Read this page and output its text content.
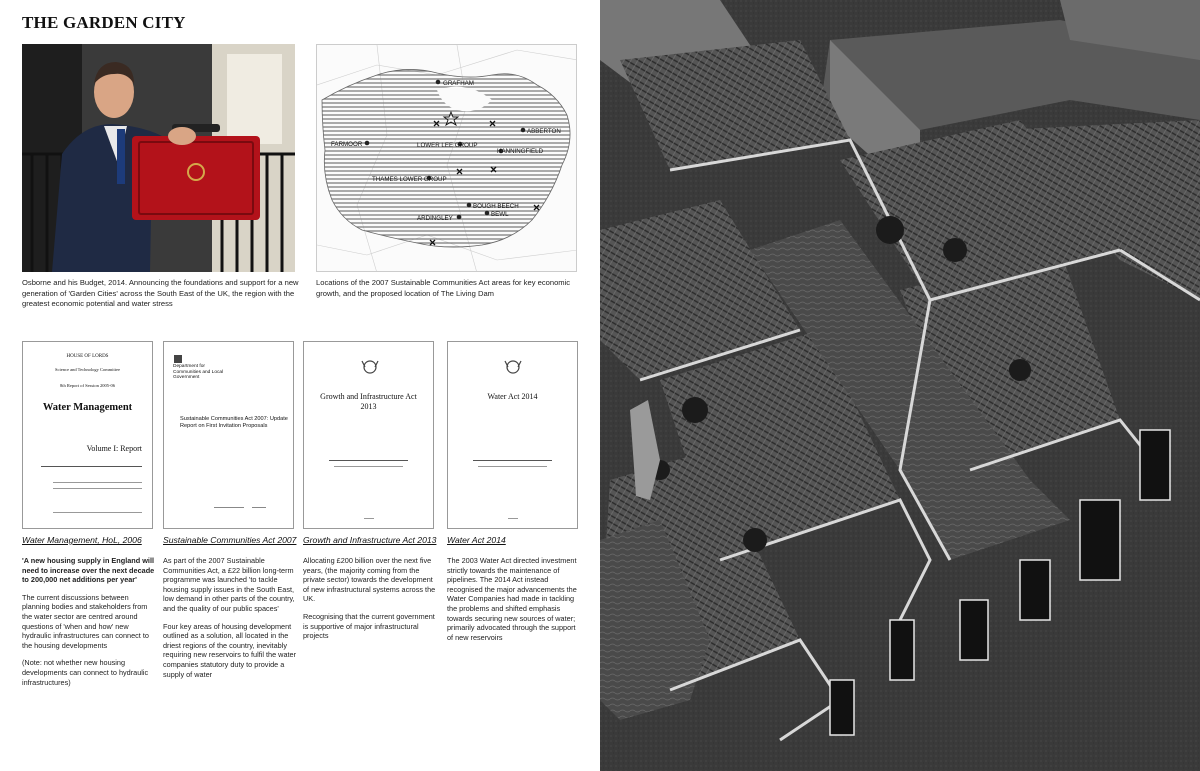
THE GARDEN CITY
Osborne and his Budget, 2014. Announcing the foundations and support for a new generation of 'Garden Cities' across the South East of the UK, the region with the greatest economic potential and water stress
GRAFHAM
ABBERTON
FARMOOR	LOWER LEE GROUP
HANNINGFIELD
THAMES LOWER GROUP
BOUGH BEECH
BEWL
ARDINGLEY
Locations of the 2007 Sustainable Communities Act areas for key economic growth, and the proposed location of The Living Dam
HOUSE OF LORDS
Science and Technology Committee
8th Report of Session 2005-06
Water Management
Volume I: Report
Department for Communities and Local Government
Sustainable Communities Act 2007: Update Report on First Invitation Proposals
Growth and Infrastructure Act 2013
Water Act 2014
Water Management, HoL, 2006 Sustainable Communities Act 2007 Growth and Infrastructure Act 2013 Water Act 2014

'A new housing supply in England will need to increase over the next decade to 200,000 net additions per year'

The current discussions between planning bodies and stakeholders from the water sector are centred around questions of 'when and how' new hydraulic infrastructures can connect to the housing developments

(Note: not whether new housing developments can connect to hydraulic infrastructures)

As part of the 2007 Sustainable Communities Act, a £22 billion long-term programme was launched 'to tackle housing supply issues in the South East, low demand in other parts of the country, and the quality of our public spaces'

Four key areas of housing development outlined as a solution, all located in the driest regions of the country, inevitably requiring new reservoirs to fulfil the water companies statutory duty to provide a supply of water

Allocating £200 billion over the next five years, (the majority coming from the private sector) towards the development of new infrastructural systems across the UK.

Recognising that the current government is supportive of major infrastructural projects

The 2003 Water Act directed investment strictly towards the maintenance of pipelines. The 2014 Act instead recognised the major advancements the Water Companies had made in tackling the problems and shifted emphasis towards securing new sources of water; primarily advocated through the support of new reservoirs
